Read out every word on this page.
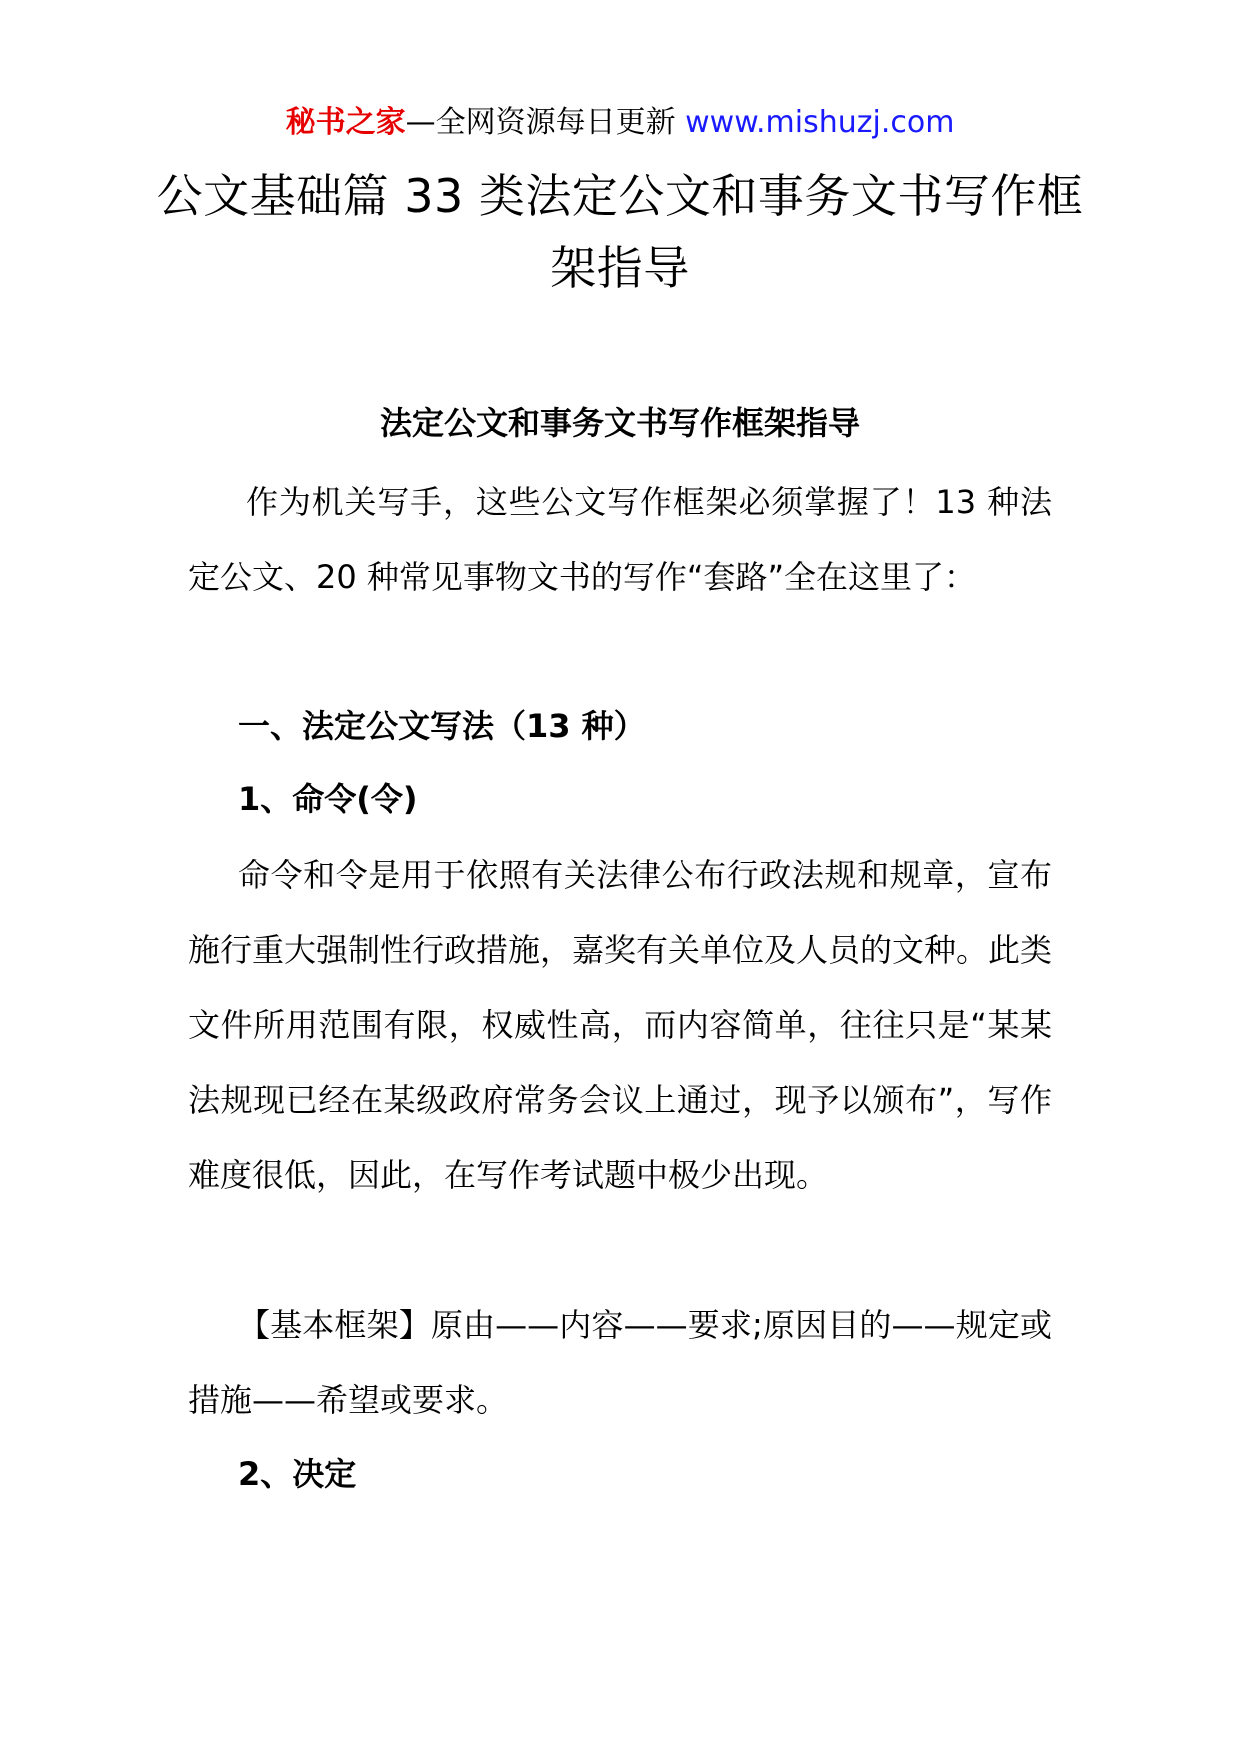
秘书之家—全网资源每日更新 www.mishuzj.com
公文基础篇 33 类法定公文和事务文书写作框架指导
法定公文和事务文书写作框架指导

作为机关写手，这些公文写作框架必须掌握了！13 种法定公文、20 种常见事物文书的写作“套路”全在这里了：

一、法定公文写法（13 种）
1、命令(令)

命令和令是用于依照有关法律公布行政法规和规章，宣布施行重大强制性行政措施，嘉奖有关单位及人员的文种。此类文件所用范围有限，权威性高，而内容简单，往往只是“某某法规现已经在某级政府常务会议上通过，现予以颁布”，写作难度很低，因此，在写作考试题中极少出现。

【基本框架】原由——内容——要求;原因目的——规定或措施——希望或要求。

2、决定
